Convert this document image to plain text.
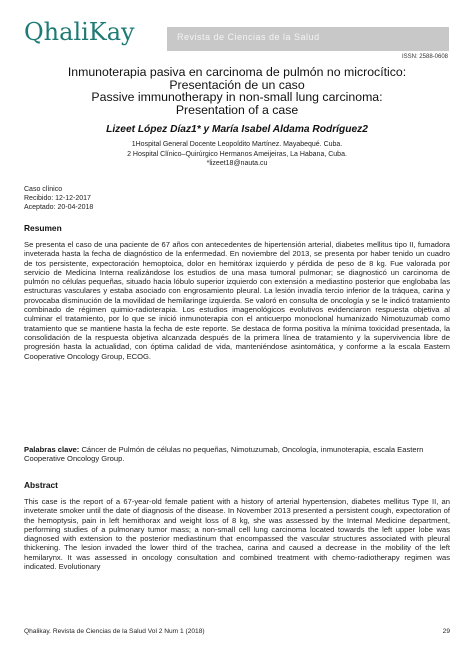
QhaliKay	Revista de Ciencias de la Salud
ISSN: 2588-0608
Inmunoterapia pasiva en carcinoma de pulmón no microcítico:
Presentación de un caso
Passive immunotherapy in non-small lung carcinoma:
Presentation of a case
Lizeet López Díaz1* y María Isabel Aldama Rodríguez2
1Hospital General Docente Leopoldito Martínez. Mayabequé. Cuba.
2 Hospital Clínico–Quirúrgico Hermanos Ameijeiras, La Habana, Cuba.
*lizeet18@nauta.cu
Caso clínico
Recibido: 12-12-2017
Aceptado: 20-04-2018
Resumen
Se presenta el caso de una paciente de 67 años con antecedentes de hipertensión arterial, diabetes mellitus tipo II, fumadora inveterada hasta la fecha de diagnóstico de la enfermedad. En noviembre del 2013, se presenta por haber tenido un cuadro de tos persistente, expectoración hemoptoica, dolor en hemitórax izquierdo y pérdida de peso de 8 kg. Fue valorada por servicio de Medicina Interna realizándose los estudios de una masa tumoral pulmonar; se diagnosticó un carcinoma de pulmón no células pequeñas, situado hacia lóbulo superior izquierdo con extensión a mediastino posterior que englobaba las estructuras vasculares y estaba asociado con engrosamiento pleural. La lesión invadía tercio inferior de la tráquea, carina y provocaba disminución de la movilidad de hemilaringe izquierda. Se valoró en consulta de oncología y se le indicó tratamiento combinado de régimen quimio-radioterapia. Los estudios imagenológicos evolutivos evidenciaron respuesta objetiva al culminar el tratamiento, por lo que se inició inmunoterapia con el anticuerpo monoclonal humanizado Nimotuzumab como tratamiento que se mantiene hasta la fecha de este reporte. Se destaca de forma positiva la mínima toxicidad presentada, la consolidación de la respuesta objetiva alcanzada después de la primera línea de tratamiento y la supervivencia libre de progresión hasta la actualidad, con óptima calidad de vida, manteniéndose asintomática, y conforme a la escala Eastern Cooperative Oncology Group, ECOG.
Palabras clave: Cáncer de Pulmón de células no pequeñas, Nimotuzumab, Oncología, inmunoterapia, escala Eastern Cooperative Oncology Group.
Abstract
This case is the report of a 67-year-old female patient with a history of arterial hypertension, diabetes mellitus Type II, an inveterate smoker until the date of diagnosis of the disease. In November 2013 presented a persistent cough, expectoration of the hemoptysis, pain in left hemithorax and weight loss of 8 kg, she was assessed by the Internal Medicine department, performing studies of a pulmonary tumor mass; a non-small cell lung carcinoma located towards the left upper lobe was diagnosed with extension to the posterior mediastinum that encompassed the vascular structures associated with pleural thickening. The lesion invaded the lower third of the trachea, carina and caused a decrease in the mobility of the left hemilarynx. It was assessed in oncology consultation and combined treatment with chemo-radiotherapy regimen was indicated. Evolutionary
Qhalikay. Revista de Ciencias de la Salud Vol 2 Num 1 (2018)	29
